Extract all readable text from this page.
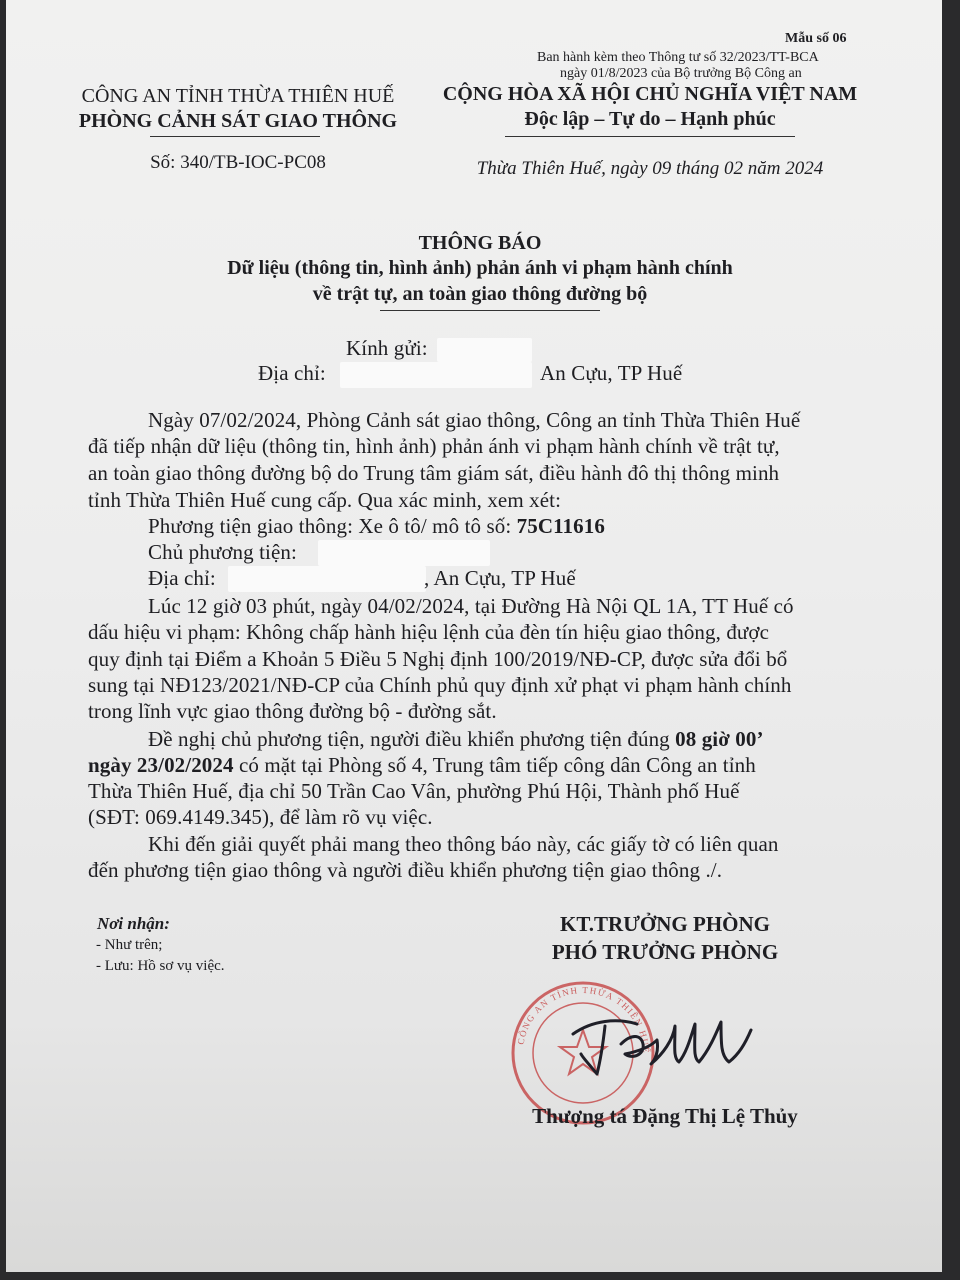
Mẫu số 06
Ban hành kèm theo Thông tư số 32/2023/TT-BCA
ngày 01/8/2023 của Bộ trưởng Bộ Công an
CÔNG AN TỈNH THỪA THIÊN HUẾ
PHÒNG CẢNH SÁT GIAO THÔNG
Số: 340/TB-IOC-PC08
CỘNG HÒA XÃ HỘI CHỦ NGHĨA VIỆT NAM
Độc lập – Tự do – Hạnh phúc
Thừa Thiên Huế, ngày 09 tháng 02 năm 2024
THÔNG BÁO
Dữ liệu (thông tin, hình ảnh) phản ánh vi phạm hành chính
về trật tự, an toàn giao thông đường bộ
Kính gửi:
Địa chỉ:	An Cựu, TP Huế
Ngày 07/02/2024, Phòng Cảnh sát giao thông, Công an tỉnh Thừa Thiên Huế
đã tiếp nhận dữ liệu (thông tin, hình ảnh) phản ánh vi phạm hành chính về trật tự,
an toàn giao thông đường bộ do Trung tâm giám sát, điều hành đô thị thông minh
tỉnh Thừa Thiên Huế cung cấp. Qua xác minh, xem xét:
Phương tiện giao thông: Xe ô tô/ mô tô số: 75C11616
Chủ phương tiện:
Địa chỉ:	, An Cựu, TP Huế
Lúc 12 giờ 03 phút, ngày 04/02/2024, tại Đường Hà Nội QL 1A, TT Huế có
dấu hiệu vi phạm: Không chấp hành hiệu lệnh của đèn tín hiệu giao thông, được
quy định tại Điểm a Khoản 5 Điều 5 Nghị định 100/2019/NĐ-CP, được sửa đổi bổ
sung tại NĐ123/2021/NĐ-CP của Chính phủ quy định xử phạt vi phạm hành chính
trong lĩnh vực giao thông đường bộ - đường sắt.
Đề nghị chủ phương tiện, người điều khiển phương tiện đúng 08 giờ 00’
ngày 23/02/2024 có mặt tại Phòng số 4, Trung tâm tiếp công dân Công an tỉnh
Thừa Thiên Huế, địa chỉ 50 Trần Cao Vân, phường Phú Hội, Thành phố Huế
(SĐT: 069.4149.345), để làm rõ vụ việc.
Khi đến giải quyết phải mang theo thông báo này, các giấy tờ có liên quan
đến phương tiện giao thông và người điều khiển phương tiện giao thông ./.
Nơi nhận:
- Như trên;
- Lưu: Hồ sơ vụ việc.
KT.TRƯỞNG PHÒNG
PHÓ TRƯỞNG PHÒNG
CÔNG AN TỈNH THỪA THIÊN HUẾ
Thượng tá Đặng Thị Lệ Thủy
